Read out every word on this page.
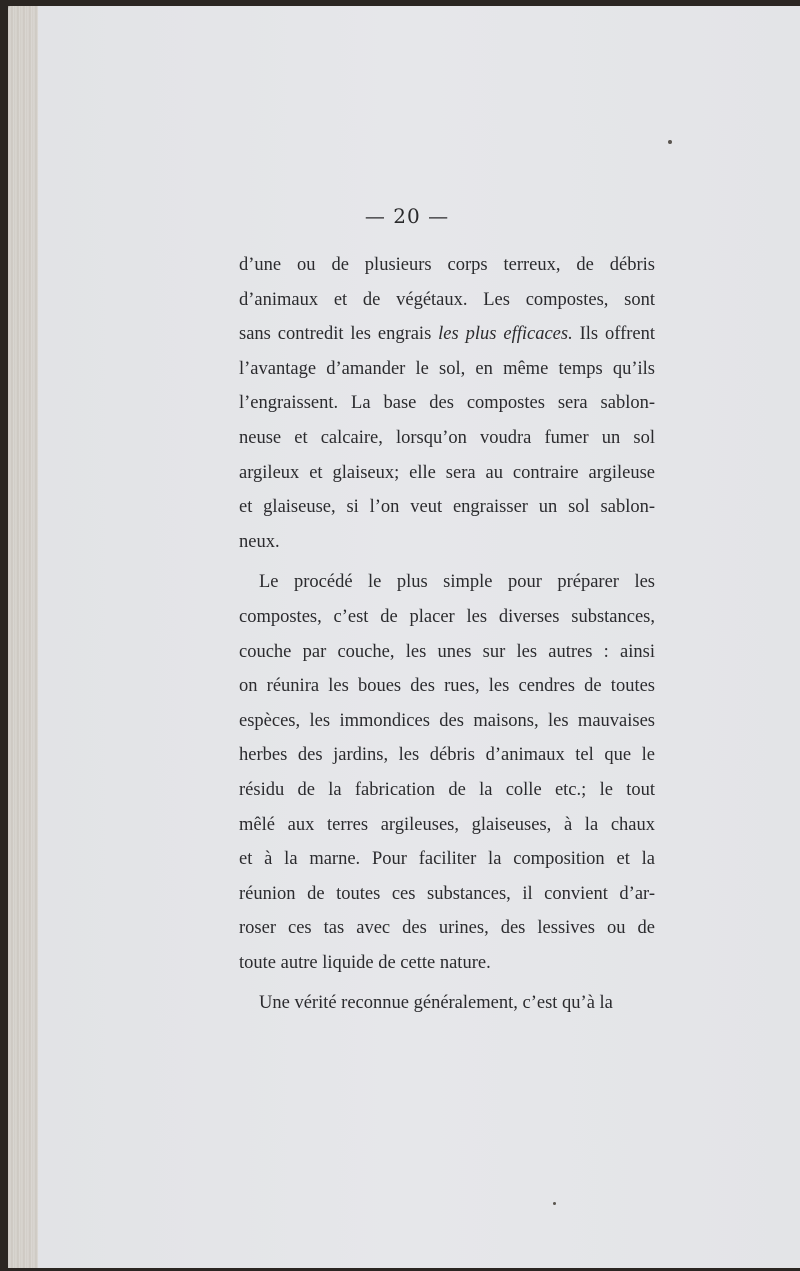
— 20 —
d’une ou de plusieurs corps terreux, de débris
d’animaux et de végétaux. Les compostes, sont
sans contredit les engrais les plus efficaces. Ils offrent
l’avantage d’amander le sol, en même temps qu’ils
l’engraissent. La base des compostes sera sablon-
neuse et calcaire, lorsqu’on voudra fumer un sol
argileux et glaiseux; elle sera au contraire argileuse
et glaiseuse, si l’on veut engraisser un sol sablon-
neux.
Le procédé le plus simple pour préparer les
compostes, c’est de placer les diverses substances,
couche par couche, les unes sur les autres : ainsi
on réunira les boues des rues, les cendres de toutes
espèces, les immondices des maisons, les mauvaises
herbes des jardins, les débris d’animaux tel que le
résidu de la fabrication de la colle etc.; le tout
mêlé aux terres argileuses, glaiseuses, à la chaux
et à la marne. Pour faciliter la composition et la
réunion de toutes ces substances, il convient d’ar-
roser ces tas avec des urines, des lessives ou de
toute autre liquide de cette nature.
Une vérité reconnue généralement, c’est qu’à la
